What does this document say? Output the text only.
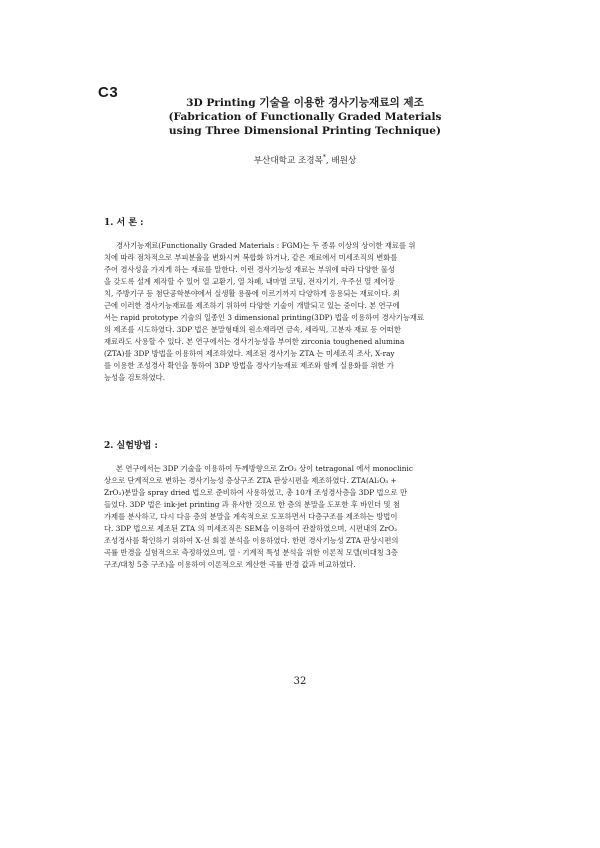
C3
3D Printing 기술을 이용한 경사기능재료의 제조
(Fabrication of Functionally Graded Materials
using Three Dimensional Printing Technique)
부산대학교 조경목*, 배원상
1. 서 론 :
경사기능재료(Functionally Graded Materials : FGM)는 두 종류 이상의 상이한 재료를 위
치에 따라 점차적으로 부피분율을 변화시켜 복합화 하거나, 같은 재료에서 미세조직의 변화를
주어 경사성을 가지게 하는 재료를 말한다. 이런 경사기능성 재료는 부위에 따라 다양한 물성
을 갖도록 설계 제작할 수 있어 열 교환기, 열 차폐, 내마멸 코팅, 전자기기, 우주선 열 제어장
치, 주방기구 등 첨단공학분야에서 실생활 용품에 이르기까지 다양하게 응용되는 재료이다. 최
근에 이러한 경사기능재료를 제조하기 위하여 다양한 기술이 개발되고 있는 중이다. 본 연구에
서는 rapid prototype 기술의 일종인 3 dimensional printing(3DP) 법을 이용하여 경사기능재료
의 제조를 시도하였다. 3DP 법은 분말형태의 원소재라면 금속, 세라믹, 고분자 재료 등 어떠한
재료라도 사용할 수 있다. 본 연구에서는 경사기능성을 부여한 zirconia toughened alumina
(ZTA)를 3DP 방법을 이용하여 제조하였다. 제조된 경사기능 ZTA 는 미세조직 조사, X-ray
를 이용한 조성경사 확인을 통하여 3DP 방법을 경사기능재료 제조와 함께 실용화를 위한 가
능성을 검토하였다.
2. 실험방법 :
본 연구에서는 3DP 기술을 이용하여 두께방향으로 ZrO₂ 상이 tetragonal 에서 monoclinic
상으로 단계적으로 변하는 경사기능성 층상구조 ZTA 판상시편을 제조하였다. ZTA(Al₂O₃ +
ZrO₂)분말을 spray dried 법으로 준비하여 사용하였고, 총 10개 조성경사층을 3DP 법으로 만
들었다. 3DP 법은 ink-jet printing 과 유사한 것으로 한 층의 분말을 도포한 후 바인더 및 첨
가제를 분사하고, 다시 다음 층의 분말을 계속적으로 도포하면서 다층구조를 제조하는 방법이
다. 3DP 법으로 제조된 ZTA 의 미세조직은 SEM을 이용하여 관찰하였으며, 시편내의 ZrO₂
조성경사를 확인하기 위하여 X-선 회절 분석을 이용하였다. 한편 경사기능성 ZTA 판상시편의
곡률 반경을 실험적으로 측정하였으며, 열ㆍ기계적 특성 분석을 위한 이론적 모델(비대칭 3층
구조/대칭 5층 구조)을 이용하여 이론적으로 계산한 곡률 반경 값과 비교하였다.
32
